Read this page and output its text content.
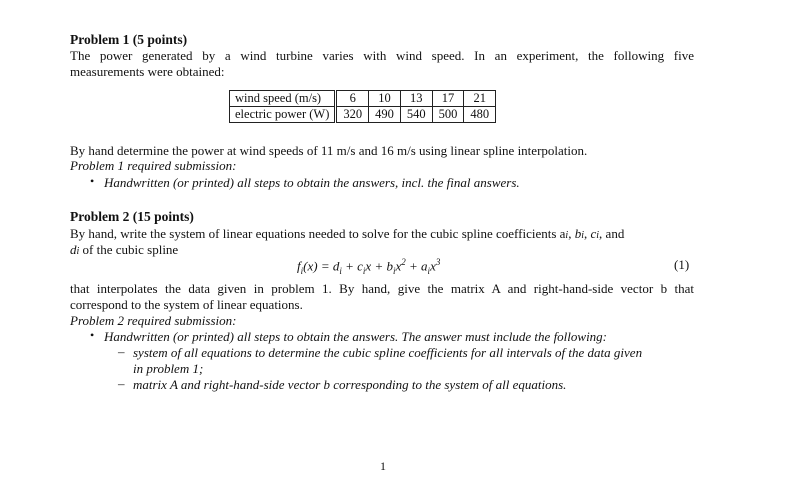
Problem 1 (5 points)
The power generated by a wind turbine varies with wind speed. In an experiment, the following five
measurements were obtained:
wind speed (m/s)	6	10	13	17	21
electric power (W)	320	490	540	500	480
By hand determine the power at wind speeds of 11 m/s and 16 m/s using linear spline interpolation.
Problem 1 required submission:
• Handwritten (or printed) all steps to obtain the answers, incl. the final answers.
Problem 2 (15 points)
By hand, write the system of linear equations needed to solve for the cubic spline coefficients ai, bi, ci, and
di of the cubic spline
$f_i(x) = d_i + c_ix + b_ix^2 + a_ix^3$	(1)
that interpolates the data given in problem 1. By hand, give the matrix A and right-hand-side vector b that
correspond to the system of linear equations.
Problem 2 required submission:
• Handwritten (or printed) all steps to obtain the answers. The answer must include the following:
– system of all equations to determine the cubic spline coefficients for all intervals of the data given
in problem 1;
– matrix A and right-hand-side vector b corresponding to the system of all equations.
1
